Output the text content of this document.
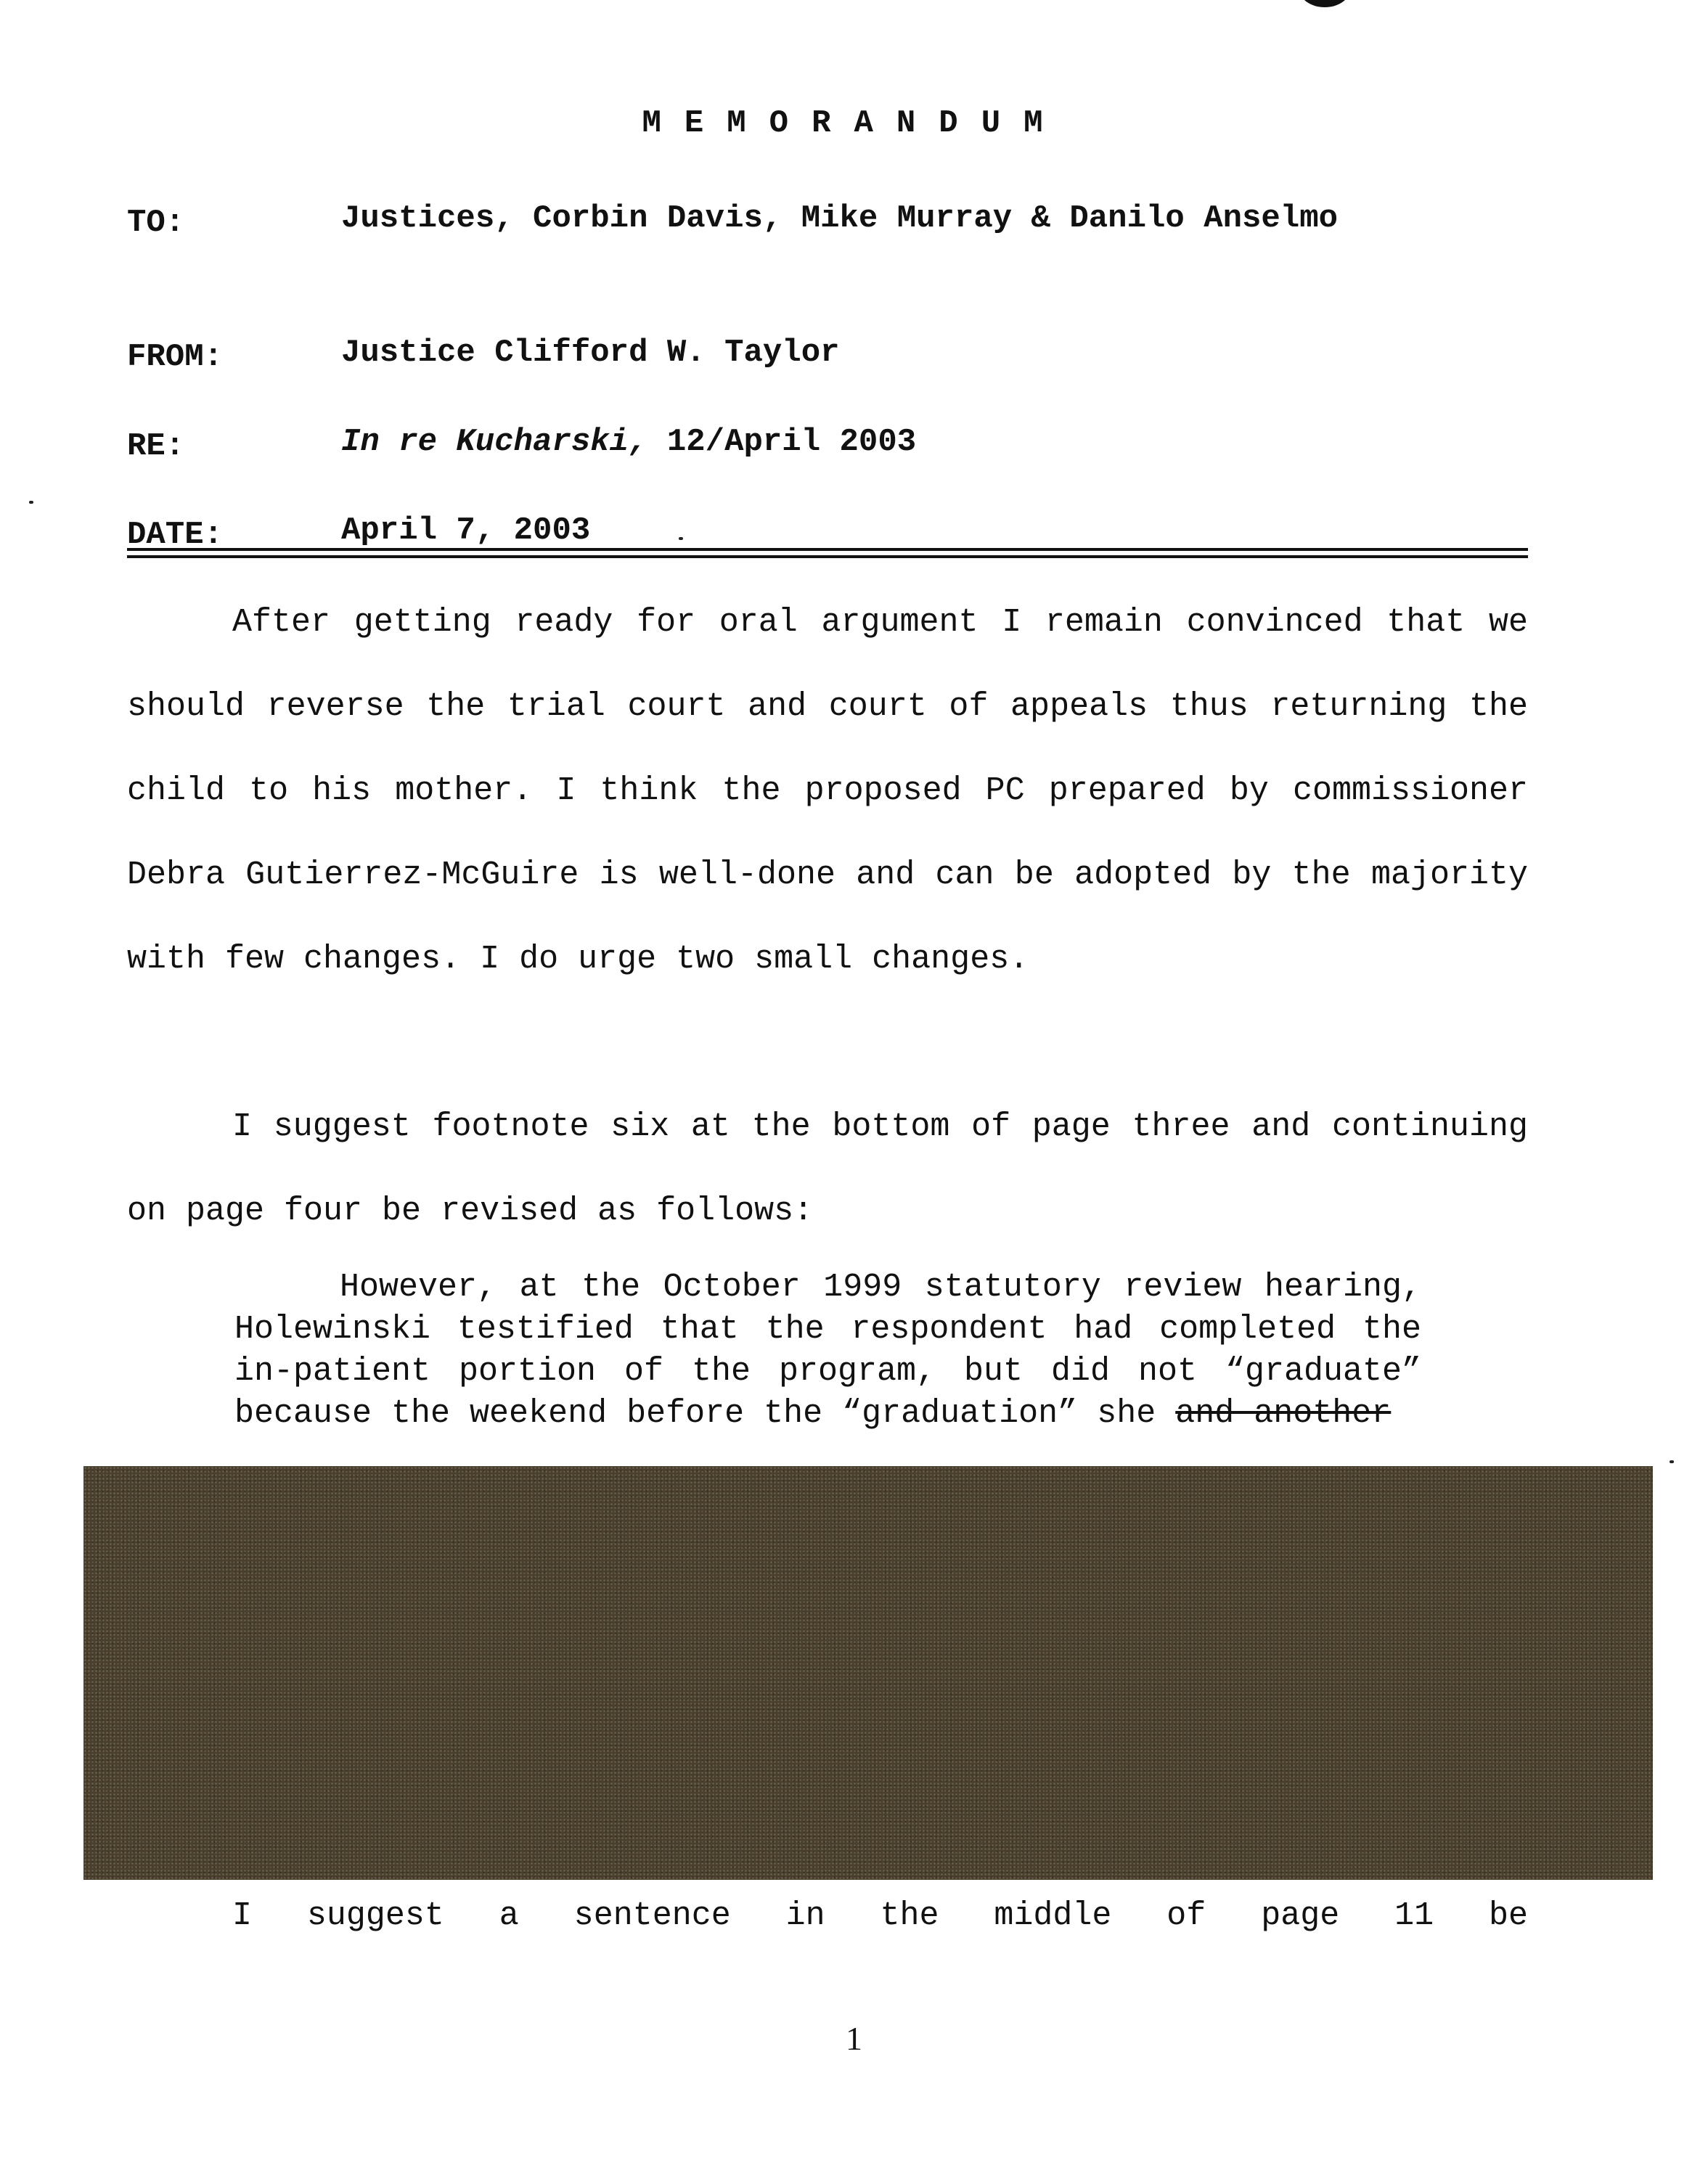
MEMORANDUM
TO:	Justices, Corbin Davis, Mike Murray & Danilo Anselmo
FROM:	Justice Clifford W. Taylor
RE:	In re Kucharski, 12/April 2003
DATE:	April 7, 2003
After getting ready for oral argument I remain convinced that we should reverse the trial court and court of appeals thus returning the child to his mother. I think the proposed PC prepared by commissioner Debra Gutierrez-McGuire is well-done and can be adopted by the majority with few changes. I do urge two small changes.
I suggest footnote six at the bottom of page three and continuing on page four be revised as follows:
However, at the October 1999 statutory review hearing, Holewinski testified that the respondent had completed the in-patient portion of the program, but did not “graduate” because the weekend before the “graduation” she and another
I suggest a sentence in the middle of page 11 be
1
